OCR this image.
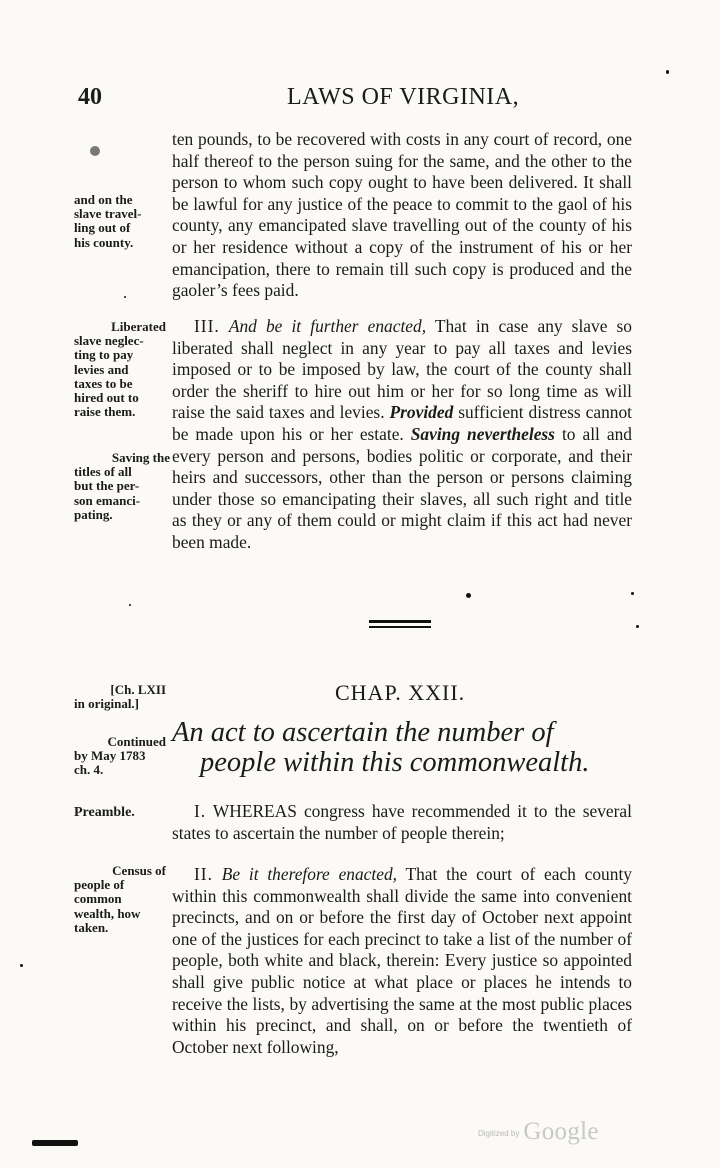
40	LAWS OF VIRGINIA,
and on the
slave travel-
ling out of
his county.
Liberated
slave neglec-
ting to pay
levies and
taxes to be
hired out to
raise them.
Saving the
titles of all
but the per-
son emanci-
pating.
[Ch. LXII
in original.]
Continued
by May 1783
ch. 4.
Preamble.
Census of
people of
common
wealth, how
taken.

ten pounds, to be recovered with costs in any court of record, one half thereof to the person suing for the same, and the other to the person to whom such copy ought to have been delivered. It shall be lawful for any justice of the peace to commit to the gaol of his county, any emancipated slave travelling out of the county of his or her residence without a copy of the instrument of his or her emancipation, there to remain till such copy is produced and the gaoler’s fees paid.

III. And be it further enacted, That in case any slave so liberated shall neglect in any year to pay all taxes and levies imposed or to be imposed by law, the court of the county shall order the sheriff to hire out him or her for so long time as will raise the said taxes and levies. Provided sufficient distress cannot be made upon his or her estate. Saving nevertheless to all and every person and persons, bodies politic or corporate, and their heirs and successors, other than the person or persons claiming under those so emancipating their slaves, all such right and title as they or any of them could or might claim if this act had never been made.

CHAP. XXII.
An act to ascertain the number of
people within this commonwealth.

I. WHEREAS congress have recommended it to the several states to ascertain the number of people therein;

II. Be it therefore enacted, That the court of each county within this commonwealth shall divide the same into convenient precincts, and on or before the first day of October next appoint one of the justices for each precinct to take a list of the number of people, both white and black, therein: Every justice so appointed shall give public notice at what place or places he intends to receive the lists, by advertising the same at the most public places within his precinct, and shall, on or before the twentieth of October next following,

Digitized by Google
